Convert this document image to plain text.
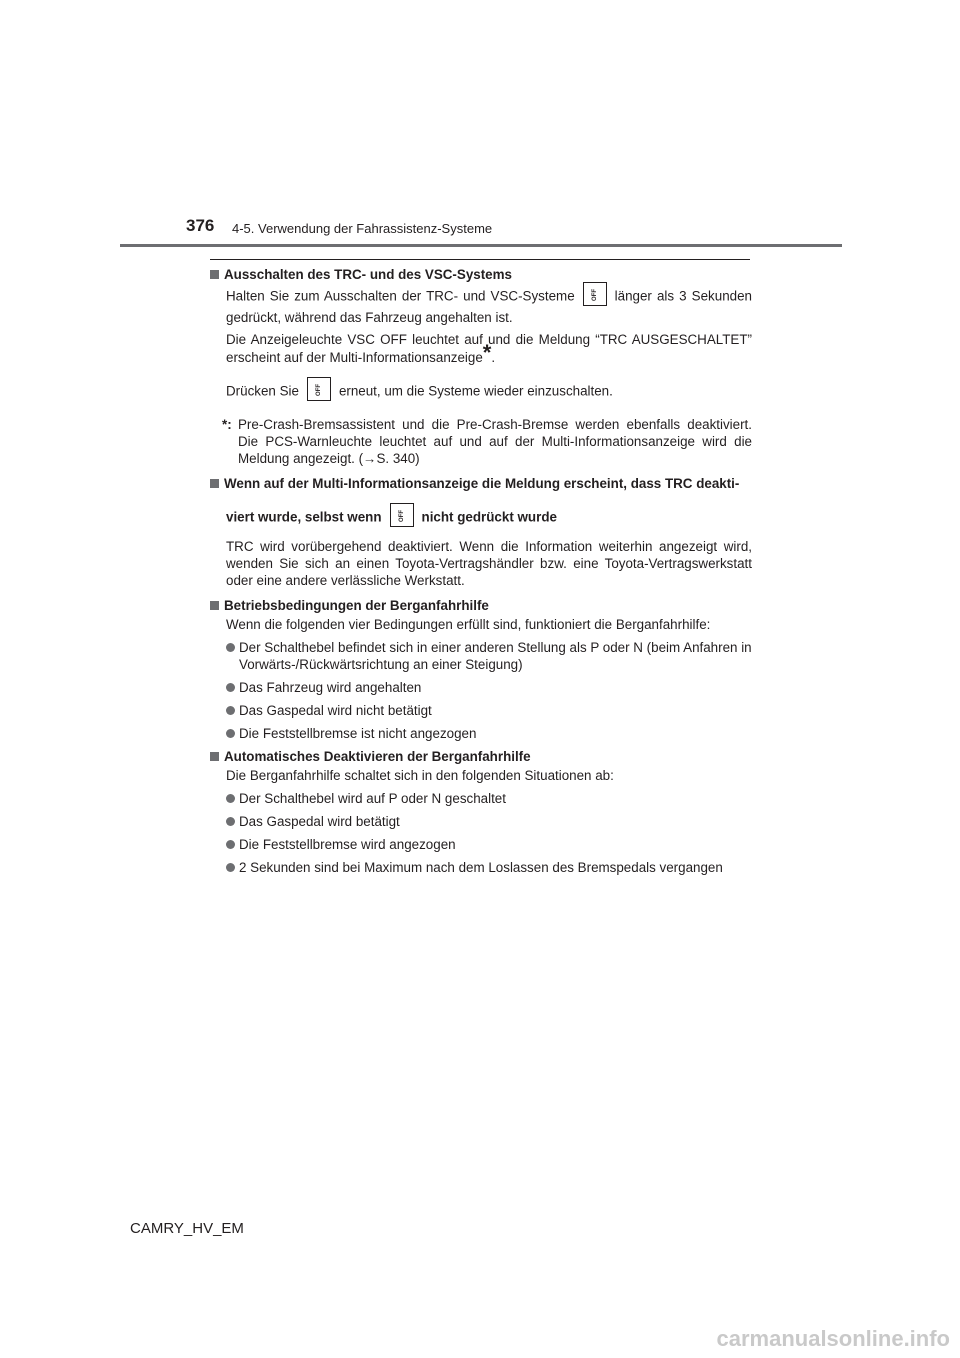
376 4-5. Verwendung der Fahrassistenz-Systeme
Ausschalten des TRC- und des VSC-Systems
Halten Sie zum Ausschalten der TRC- und VSC-Systeme	OFF länger als 3 Sekunden gedrückt, während das Fahrzeug angehalten ist.
Die Anzeigeleuchte VSC OFF leuchtet auf und die Meldung “TRC AUSGESCHALTET” erscheint auf der Multi-Informationsanzeige*.
Drücken Sie	OFF erneut, um die Systeme wieder einzuschalten.
*: Pre-Crash-Bremsassistent und die Pre-Crash-Bremse werden ebenfalls deaktiviert. Die PCS-Warnleuchte leuchtet auf und auf der Multi-Informationsanzeige wird die Meldung angezeigt. (→S. 340)
Wenn auf der Multi-Informationsanzeige die Meldung erscheint, dass TRC deakti-
viert wurde, selbst wenn	OFF nicht gedrückt wurde
TRC wird vorübergehend deaktiviert. Wenn die Information weiterhin angezeigt wird, wenden Sie sich an einen Toyota-Vertragshändler bzw. eine Toyota-Vertragswerkstatt oder eine andere verlässliche Werkstatt.
Betriebsbedingungen der Berganfahrhilfe
Wenn die folgenden vier Bedingungen erfüllt sind, funktioniert die Berganfahrhilfe:
Der Schalthebel befindet sich in einer anderen Stellung als P oder N (beim Anfahren in Vorwärts-/Rückwärtsrichtung an einer Steigung)
Das Fahrzeug wird angehalten
Das Gaspedal wird nicht betätigt
Die Feststellbremse ist nicht angezogen
Automatisches Deaktivieren der Berganfahrhilfe
Die Berganfahrhilfe schaltet sich in den folgenden Situationen ab:
Der Schalthebel wird auf P oder N geschaltet
Das Gaspedal wird betätigt
Die Feststellbremse wird angezogen
2 Sekunden sind bei Maximum nach dem Loslassen des Bremspedals vergangen
CAMRY_HV_EM
carmanualsonline.info
